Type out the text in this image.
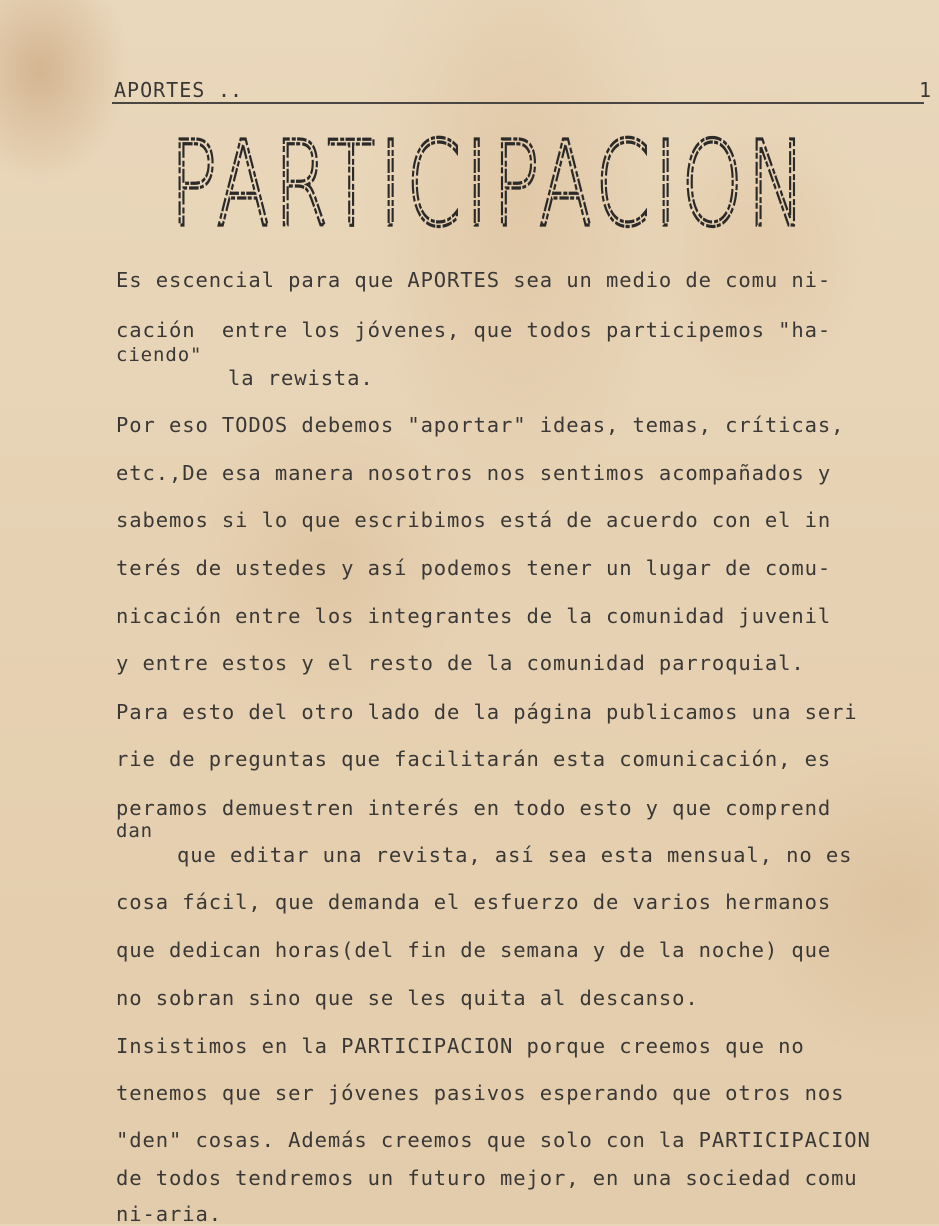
APORTES ..	1
PARTICIPACION
Es escencial para que APORTES sea un medio de comu ni-
cación  entre los jóvenes, que todos participemos "ha-
ciendo"
la rewista.
Por eso TODOS debemos "aportar" ideas, temas, críticas,
etc.,De esa manera nosotros nos sentimos acompañados y
sabemos si lo que escribimos está de acuerdo con el in
terés de ustedes y así podemos tener un lugar de comu-
nicación entre los integrantes de la comunidad juvenil
y entre estos y el resto de la comunidad parroquial.
Para esto del otro lado de la página publicamos una seri
rie de preguntas que facilitarán esta comunicación, es
peramos demuestren interés en todo esto y que comprend
dan
que editar una revista, así sea esta mensual, no es
cosa fácil, que demanda el esfuerzo de varios hermanos
que dedican horas(del fin de semana y de la noche) que
no sobran sino que se les quita al descanso.
Insistimos en la PARTICIPACION porque creemos que no
tenemos que ser jóvenes pasivos esperando que otros nos
"den" cosas. Además creemos que solo con la PARTICIPACION
de todos tendremos un futuro mejor, en una sociedad comu
ni-aria.
